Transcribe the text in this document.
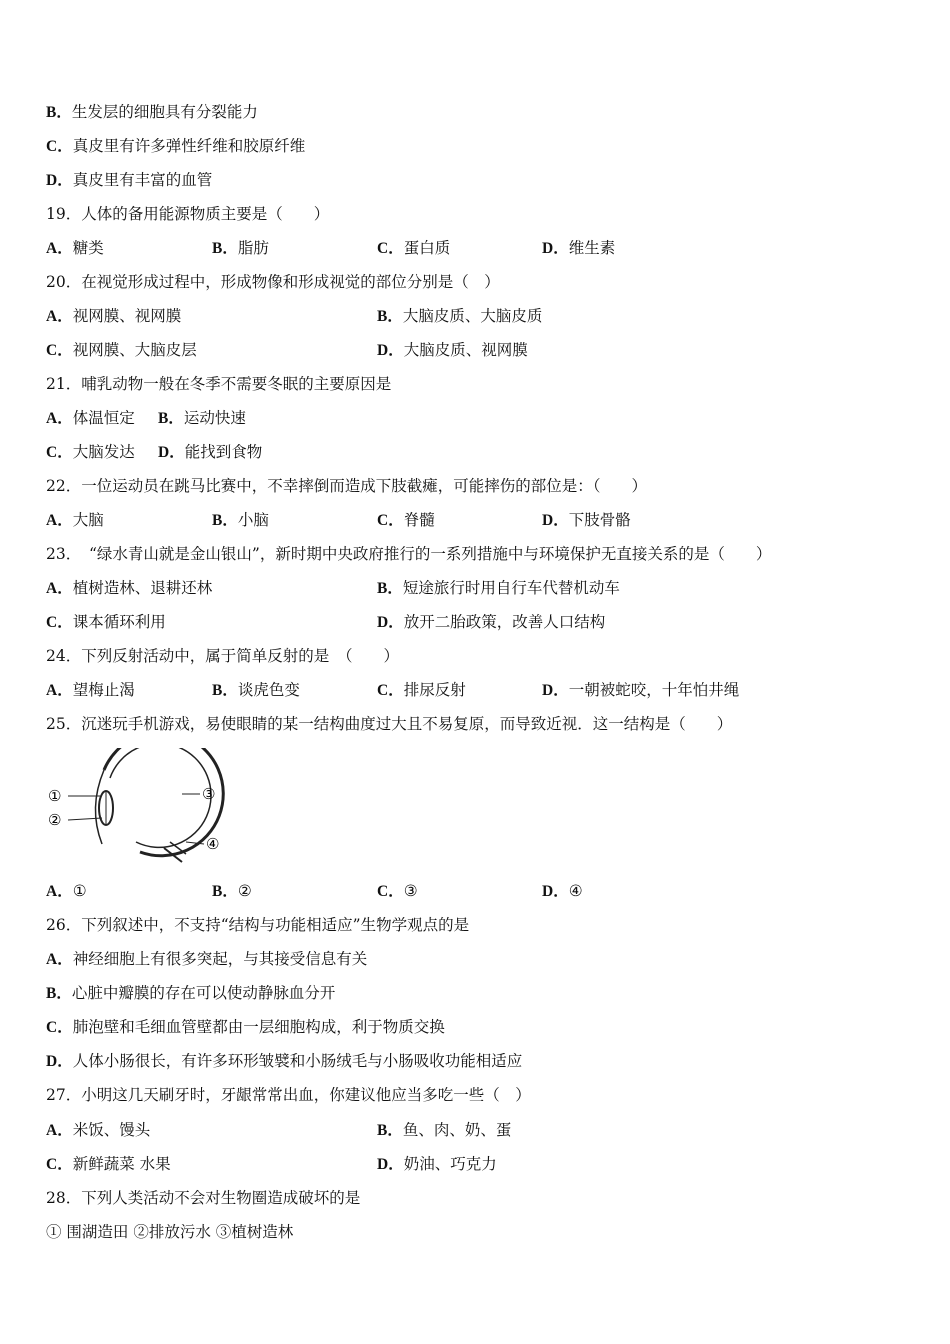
B．生发层的细胞具有分裂能力
C．真皮里有许多弹性纤维和胶原纤维
D．真皮里有丰富的血管
19．人体的备用能源物质主要是（　　）
A．糖类	B．脂肪	C．蛋白质	D．维生素
20．在视觉形成过程中，形成物像和形成视觉的部位分别是（　）
A．视网膜、视网膜	B．大脑皮质、大脑皮质
C．视网膜、大脑皮层	D．大脑皮质、视网膜
21．哺乳动物一般在冬季不需要冬眠的主要原因是
A．体温恒定 B．运动快速
C．大脑发达 D．能找到食物
22．一位运动员在跳马比赛中，不幸摔倒而造成下肢截瘫，可能摔伤的部位是：（　　）
A．大脑	B．小脑	C．脊髓	D．下肢骨骼
23．　“绿水青山就是金山银山”，新时期中央政府推行的一系列措施中与环境保护无直接关系的是（　　）
A．植树造林、退耕还林	B．短途旅行时用自行车代替机动车
C．课本循环利用	D．放开二胎政策，改善人口结构
24．下列反射活动中，属于简单反射的是　（　　）
A．望梅止渴	B．谈虎色变	C．排尿反射	D．一朝被蛇咬，十年怕井绳
25．沉迷玩手机游戏，易使眼睛的某一结构曲度过大且不易复原，而导致近视．这一结构是（　　）
①
②
③
④
A．①	B．②	C．③	D．④
26．下列叙述中，不支持“结构与功能相适应”生物学观点的是
A．神经细胞上有很多突起，与其接受信息有关
B．心脏中瓣膜的存在可以使动静脉血分开
C．肺泡壁和毛细血管壁都由一层细胞构成，利于物质交换
D．人体小肠很长，有许多环形皱襞和小肠绒毛与小肠吸收功能相适应
27．小明这几天刷牙时，牙龈常常出血，你建议他应当多吃一些（　）
A．米饭、馒头	B．鱼、肉、奶、蛋
C．新鲜蔬菜 水果	D．奶油、巧克力
28．下列人类活动不会对生物圈造成破坏的是
① 围湖造田 ②排放污水 ③植树造林
